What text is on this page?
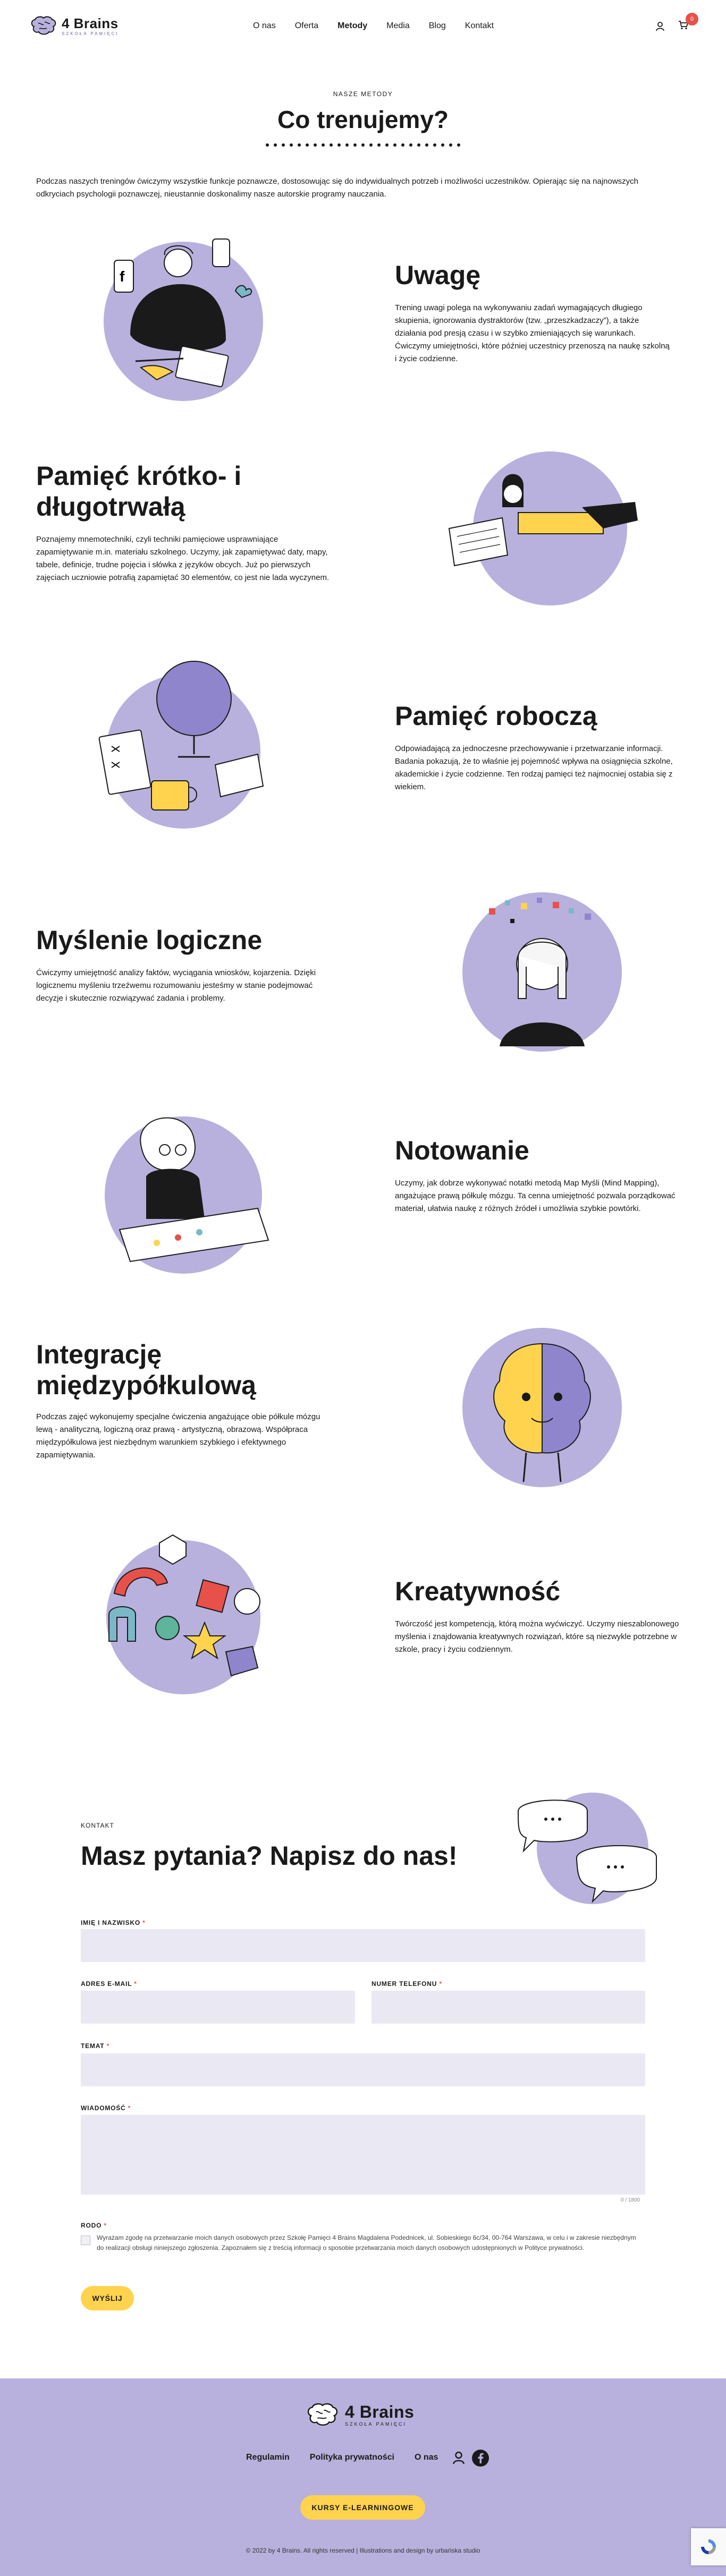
4 Brains
SZKOŁA PAMIĘCI
O nas Oferta Metody Media Blog Kontakt
0
NASZE METODY
Co trenujemy?

Podczas naszych treningów ćwiczymy wszystkie funkcje poznawcze, dostosowując się do indywidualnych potrzeb i możliwości uczestników. Opierając się na najnowszych odkryciach psychologii poznawczej, nieustannie doskonalimy nasze autorskie programy nauczania.

f	Uwagę

Trening uwagi polega na wykonywaniu zadań wymagających długiego skupienia, ignorowania dystraktorów (tzw. „przeszkadzaczy”), a także działania pod presją czasu i w szybko zmieniających się warunkach. Ćwiczymy umiejętności, które później uczestnicy przenoszą na naukę szkolną i życie codzienne.

Pamięć krótko- i długotrwałą

Poznajemy mnemotechniki, czyli techniki pamięciowe usprawniające zapamiętywanie m.in. materiału szkolnego. Uczymy, jak zapamiętywać daty, mapy, tabele, definicje, trudne pojęcia i słówka z języków obcych. Już po pierwszych zajęciach uczniowie potrafią zapamiętać 30 elementów, co jest nie lada wyczynem.

Pamięć roboczą

Odpowiadającą za jednoczesne przechowywanie i przetwarzanie informacji. Badania pokazują, że to właśnie jej pojemność wpływa na osiągnięcia szkolne, akademickie i życie codzienne. Ten rodzaj pamięci też najmocniej ostabia się z wiekiem.

Myślenie logiczne

Ćwiczymy umiejętność analizy faktów, wyciągania wniosków, kojarzenia. Dzięki logicznemu myśleniu trzeźwemu rozumowaniu jesteśmy w stanie podejmować decyzje i skutecznie rozwiązywać zadania i problemy.

Notowanie

Uczymy, jak dobrze wykonywać notatki metodą Map Myśli (Mind Mapping), angażujące prawą półkulę mózgu. Ta cenna umiejętność pozwala porządkować materiał, ułatwia naukę z różnych źródeł i umożliwia szybkie powtórki.

Integrację międzypółkulową

Podczas zajęć wykonujemy specjalne ćwiczenia angażujące obie półkule mózgu lewą - analityczną, logiczną oraz prawą - artystyczną, obrazową. Współpraca międzypółkulowa jest niezbędnym warunkiem szybkiego i efektywnego zapamiętywania.

Kreatywność

Twórczość jest kompetencją, którą można wyćwiczyć. Uczymy nieszablonowego myślenia i znajdowania kreatywnych rozwiązań, które są niezwykle potrzebne w szkole, pracy i życiu codziennym.

KONTAKT
Masz pytania? Napisz do nas!
IMIĘ I NAZWISKO *
ADRES E-MAIL *	NUMER TELEFONU *
TEMAT *
WIADOMOŚĆ *
0 / 1800
RODO *

Wyrażam zgodę na przetwarzanie moich danych osobowych przez Szkołę Pamięci 4 Brains Magdalena Podednicek, ul. Sobieskiego 6c/34, 00-764 Warszawa, w celu i w zakresie niezbędnym do realizacji obsługi niniejszego zgłoszenia. Zapoznałem się z treścią informacji o sposobie przetwarzania moich danych osobowych udostępnionych w Polityce prywatności.

WYŚLIJ
4 Brains
SZKOŁA PAMIĘCI
Regulamin Polityka prywatności O nas
KURSY E-LEARNINGOWE
© 2022 by 4 Brains. All rights reserved | Illustrations and design by urbańska studio
